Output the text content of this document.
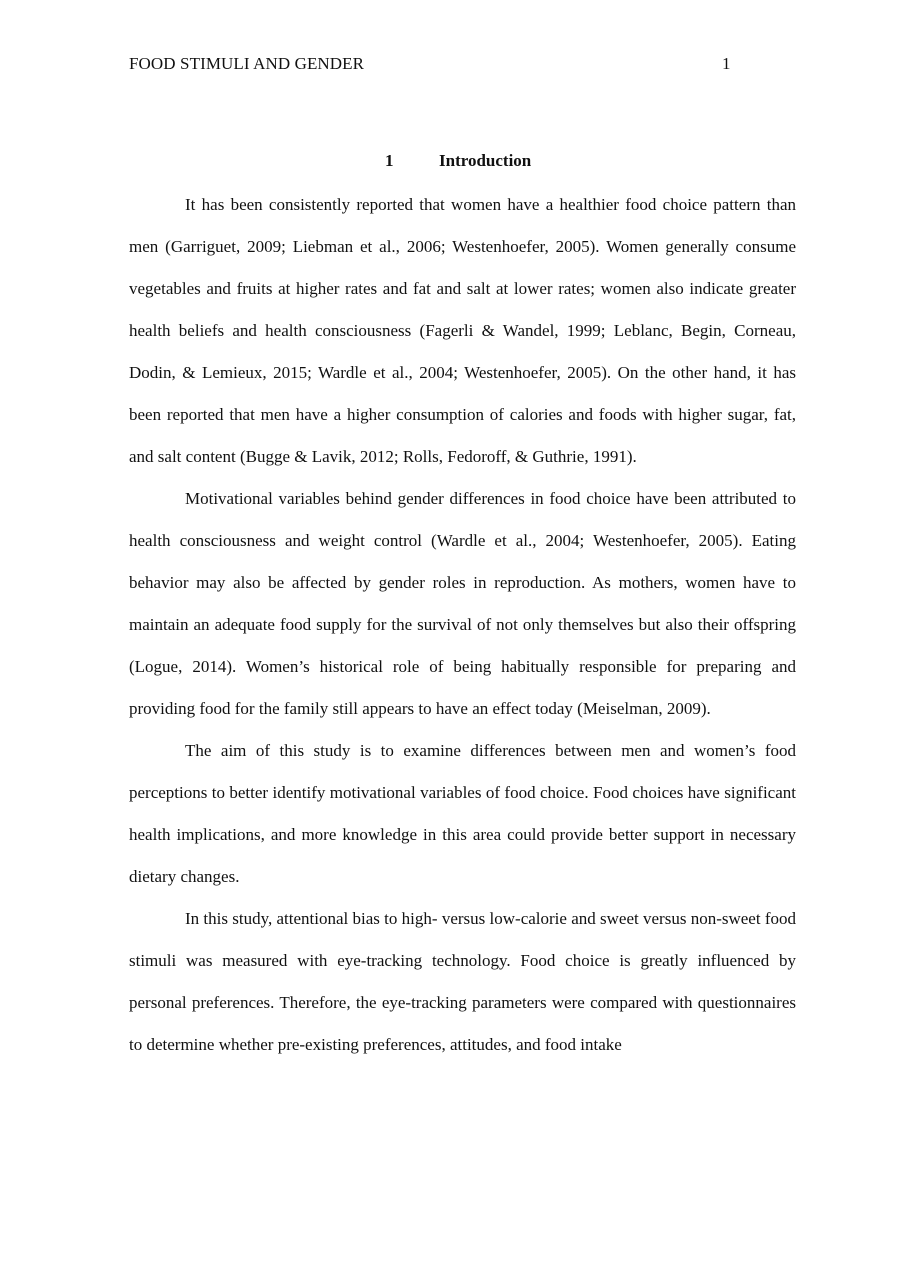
FOOD STIMULI AND GENDER	1
1	Introduction

It has been consistently reported that women have a healthier food choice pattern than men (Garriguet, 2009; Liebman et al., 2006; Westenhoefer, 2005). Women generally consume vegetables and fruits at higher rates and fat and salt at lower rates; women also indicate greater health beliefs and health consciousness (Fagerli & Wandel, 1999; Leblanc, Begin, Corneau, Dodin, & Lemieux, 2015; Wardle et al., 2004; Westenhoefer, 2005). On the other hand, it has been reported that men have a higher consumption of calories and foods with higher sugar, fat, and salt content (Bugge & Lavik, 2012; Rolls, Fedoroff, & Guthrie, 1991).

Motivational variables behind gender differences in food choice have been attributed to health consciousness and weight control (Wardle et al., 2004; Westenhoefer, 2005). Eating behavior may also be affected by gender roles in reproduction. As mothers, women have to maintain an adequate food supply for the survival of not only themselves but also their offspring (Logue, 2014). Women’s historical role of being habitually responsible for preparing and providing food for the family still appears to have an effect today (Meiselman, 2009).

The aim of this study is to examine differences between men and women’s food perceptions to better identify motivational variables of food choice. Food choices have significant health implications, and more knowledge in this area could provide better support in necessary dietary changes.

In this study, attentional bias to high- versus low-calorie and sweet versus non-sweet food stimuli was measured with eye-tracking technology. Food choice is greatly influenced by personal preferences. Therefore, the eye-tracking parameters were compared with questionnaires to determine whether pre-existing preferences, attitudes, and food intake
